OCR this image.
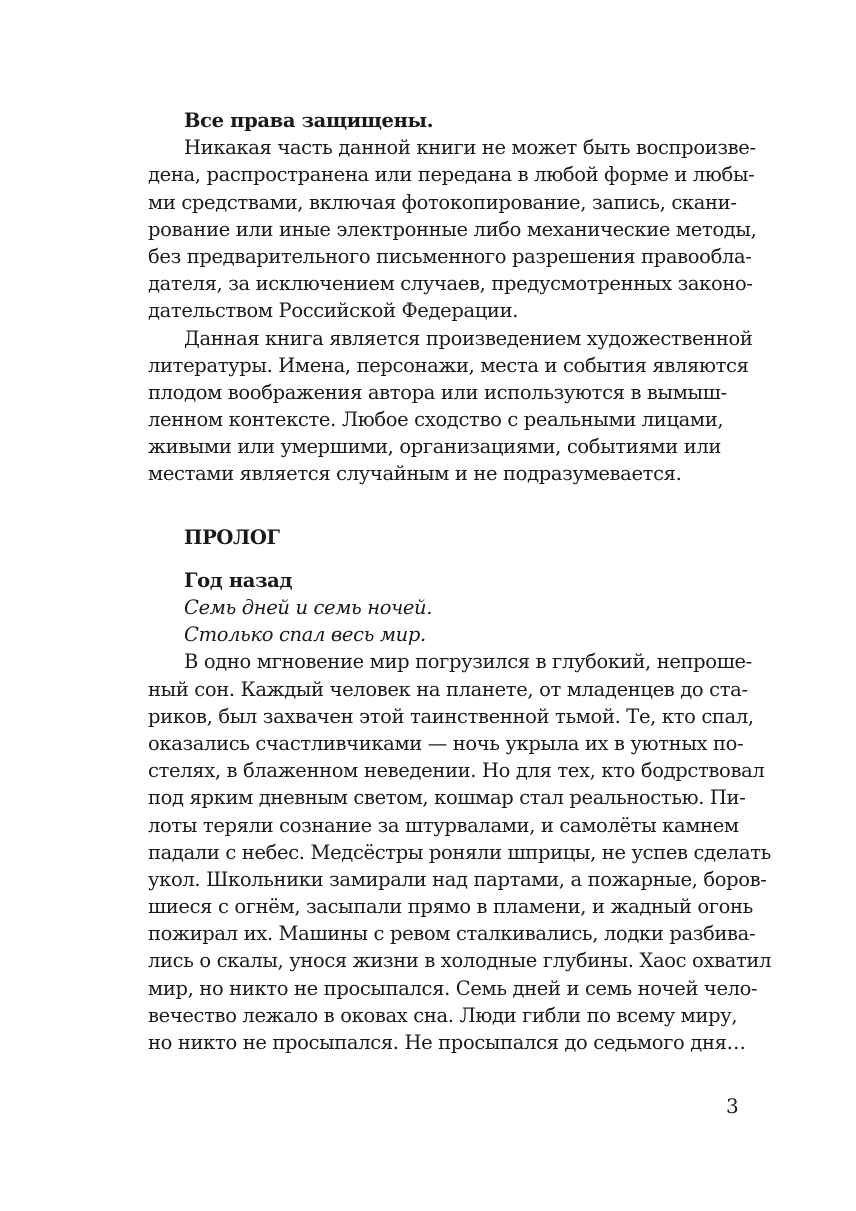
Все права защищены.
Никакая часть данной книги не может быть воспроизве-
дена, распространена или передана в любой форме и любы-
ми средствами, включая фотокопирование, запись, скани-
рование или иные электронные либо механические методы,
без предварительного письменного разрешения правообла-
дателя, за исключением случаев, предусмотренных законо-
дательством Российской Федерации.
Данная книга является произведением художественной
литературы. Имена, персонажи, места и события являются
плодом воображения автора или используются в вымыш-
ленном контексте. Любое сходство с реальными лицами,
живыми или умершими, организациями, событиями или
местами является случайным и не подразумевается.
ПРОЛОГ
Год назад
Семь дней и семь ночей.
Столько спал весь мир.
В одно мгновение мир погрузился в глубокий, непроше-
ный сон. Каждый человек на планете, от младенцев до ста-
риков, был захвачен этой таинственной тьмой. Те, кто спал,
оказались счастливчиками — ночь укрыла их в уютных по-
стелях, в блаженном неведении. Но для тех, кто бодрствовал
под ярким дневным светом, кошмар стал реальностью. Пи-
лоты теряли сознание за штурвалами, и самолёты камнем
падали с небес. Медсёстры роняли шприцы, не успев сделать
укол. Школьники замирали над партами, а пожарные, боров-
шиеся с огнём, засыпали прямо в пламени, и жадный огонь
пожирал их. Машины с ревом сталкивались, лодки разбива-
лись о скалы, унося жизни в холодные глубины. Хаос охватил
мир, но никто не просыпался. Семь дней и семь ночей чело-
вечество лежало в оковах сна. Люди гибли по всему миру,
но никто не просыпался. Не просыпался до седьмого дня…
3
